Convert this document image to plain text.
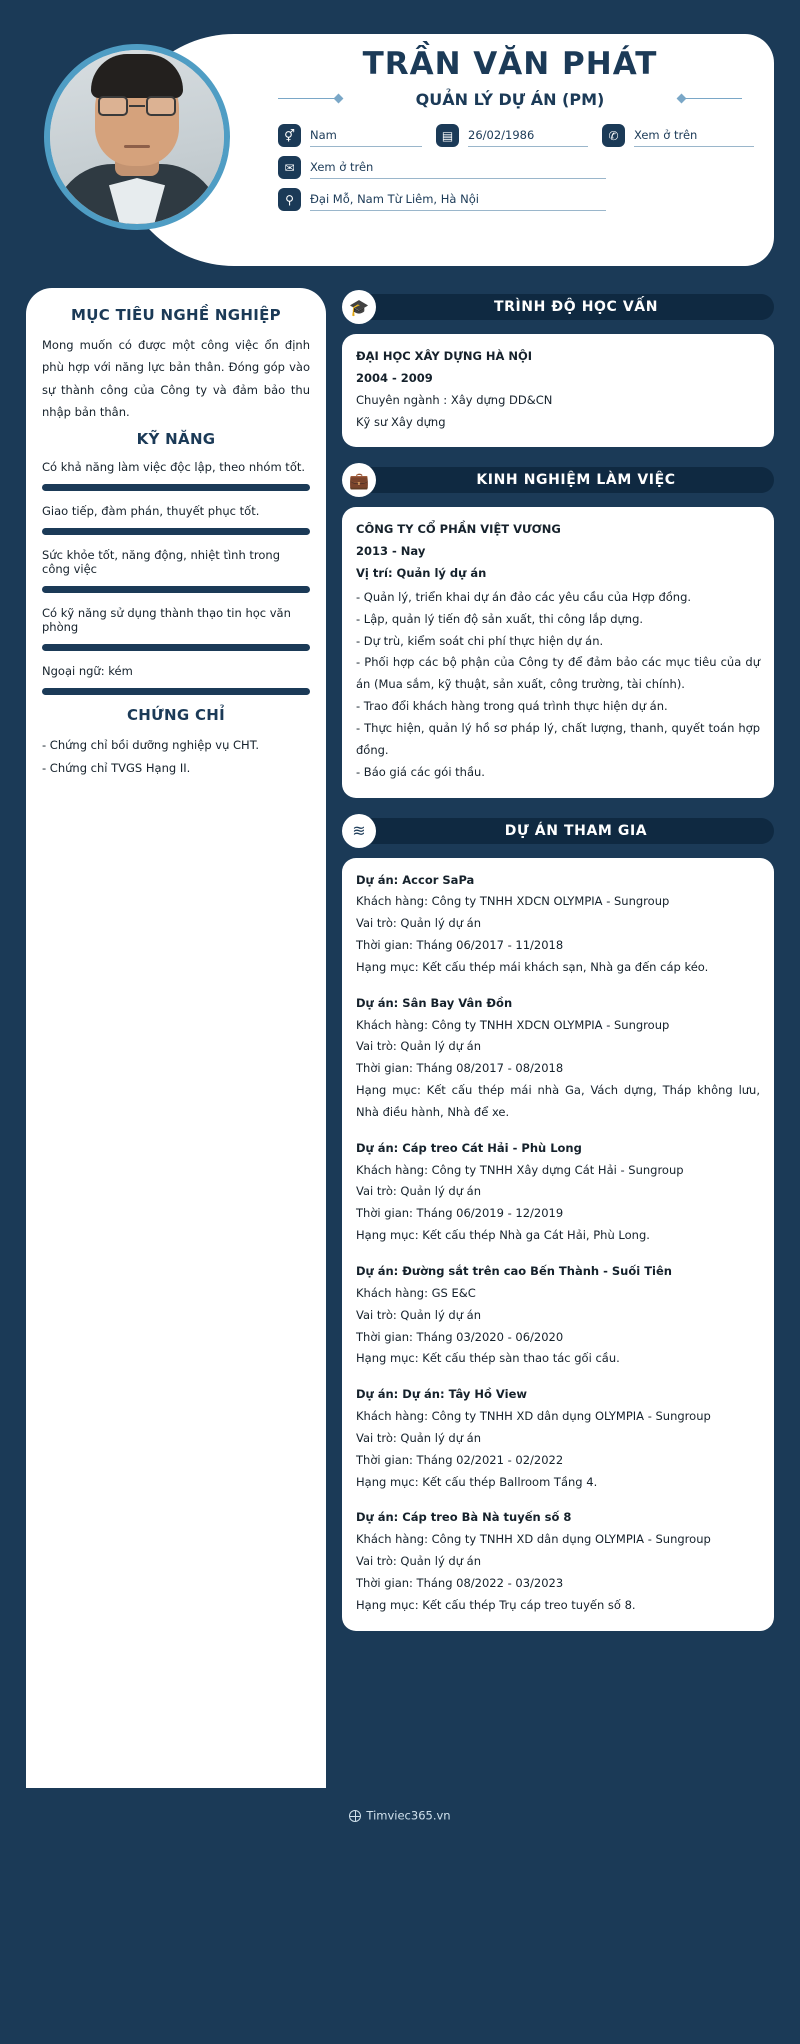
TRẦN VĂN PHÁT
QUẢN LÝ DỰ ÁN (PM)
⚥	Nam	▤	26/02/1986	✆	Xem ở trên
✉	Xem ở trên
⚲	Đại Mỗ, Nam Từ Liêm, Hà Nội
MỤC TIÊU NGHỀ NGHIỆP
Mong muốn có được một công việc ổn định phù hợp với năng lực bản thân. Đóng góp vào sự thành công của Công ty và đảm bảo thu nhập bản thân.
KỸ NĂNG
Có khả năng làm việc độc lập, theo nhóm tốt.
Giao tiếp, đàm phán, thuyết phục tốt.
Sức khỏe tốt, năng động, nhiệt tình trong công việc
Có kỹ năng sử dụng thành thạo tin học văn phòng
Ngoại ngữ: kém
CHỨNG CHỈ
- Chứng chỉ bồi dưỡng nghiệp vụ CHT.
- Chứng chỉ TVGS Hạng II.
🎓	TRÌNH ĐỘ HỌC VẤN
ĐẠI HỌC XÂY DỰNG HÀ NỘI
2004 - 2009
Chuyên ngành : Xây dựng DD&CN
Kỹ sư Xây dựng
💼	KINH NGHIỆM LÀM VIỆC
CÔNG TY CỔ PHẦN VIỆT VƯƠNG
2013 - Nay
Vị trí: Quản lý dự án
- Quản lý, triển khai dự án đảo các yêu cầu của Hợp đồng.
- Lập, quản lý tiến độ sản xuất, thi công lắp dựng.
- Dự trù, kiểm soát chi phí thực hiện dự án.
- Phối hợp các bộ phận của Công ty để đảm bảo các mục tiêu của dự án (Mua sắm, kỹ thuật, sản xuất, công trường, tài chính).
- Trao đổi khách hàng trong quá trình thực hiện dự án.
- Thực hiện, quản lý hồ sơ pháp lý, chất lượng, thanh, quyết toán hợp đồng.
- Báo giá các gói thầu.
≋	DỰ ÁN THAM GIA
Dự án: Accor SaPa
Khách hàng: Công ty TNHH XDCN OLYMPIA - Sungroup
Vai trò: Quản lý dự án
Thời gian: Tháng 06/2017 - 11/2018
Hạng mục: Kết cấu thép mái khách sạn, Nhà ga đến cáp kéo.
Dự án: Sân Bay Vân Đồn
Khách hàng: Công ty TNHH XDCN OLYMPIA - Sungroup
Vai trò: Quản lý dự án
Thời gian: Tháng 08/2017 - 08/2018
Hạng mục: Kết cấu thép mái nhà Ga, Vách dựng, Tháp không lưu, Nhà điều hành, Nhà để xe.
Dự án: Cáp treo Cát Hải - Phù Long
Khách hàng: Công ty TNHH Xây dựng Cát Hải - Sungroup
Vai trò: Quản lý dự án
Thời gian: Tháng 06/2019 - 12/2019
Hạng mục: Kết cấu thép Nhà ga Cát Hải, Phù Long.
Dự án: Đường sắt trên cao Bến Thành - Suối Tiên
Khách hàng: GS E&C
Vai trò: Quản lý dự án
Thời gian: Tháng 03/2020 - 06/2020
Hạng mục: Kết cấu thép sàn thao tác gối cầu.
Dự án: Dự án: Tây Hồ View
Khách hàng: Công ty TNHH XD dân dụng OLYMPIA - Sungroup
Vai trò: Quản lý dự án
Thời gian: Tháng 02/2021 - 02/2022
Hạng mục: Kết cấu thép Ballroom Tầng 4.
Dự án: Cáp treo Bà Nà tuyến số 8
Khách hàng: Công ty TNHH XD dân dụng OLYMPIA - Sungroup
Vai trò: Quản lý dự án
Thời gian: Tháng 08/2022 - 03/2023
Hạng mục: Kết cấu thép Trụ cáp treo tuyến số 8.
Timviec365.vn
